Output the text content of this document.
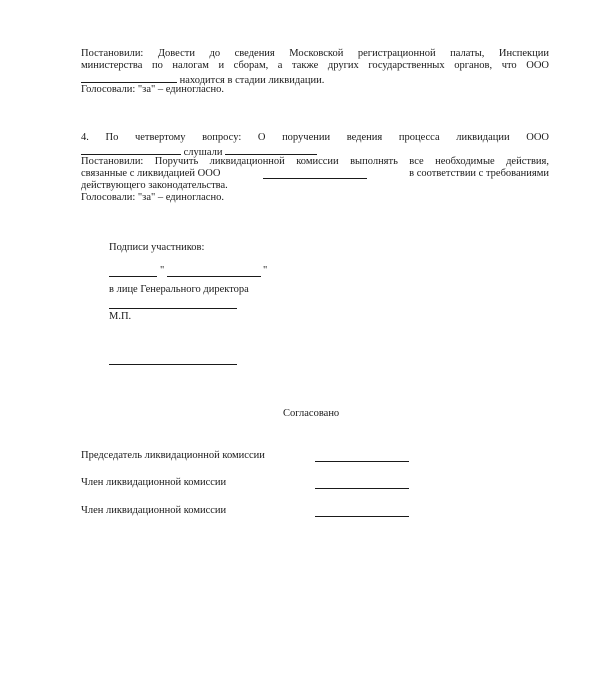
Постановили: Довести до сведения Московской регистрационной палаты, Инспекции
министерства по налогам и сборам, а также других государственных органов, что ООО
находится в стадии ликвидации.
Голосовали: "за" – единогласно.
4. По четвертому вопросу: О поручении ведения процесса ликвидации ООО
слушали
Постановили: Поручить ликвидационной комиссии выполнять все необходимые действия,
связанные с ликвидацией ООО	в соответствии с требованиями
действующего законодательства.
Голосовали: "за" – единогласно.
Подписи участников:
"	"
в лице Генерального директора
М.П.
Согласовано
Председатель ликвидационной комиссии
Член ликвидационной комиссии
Член ликвидационной комиссии
